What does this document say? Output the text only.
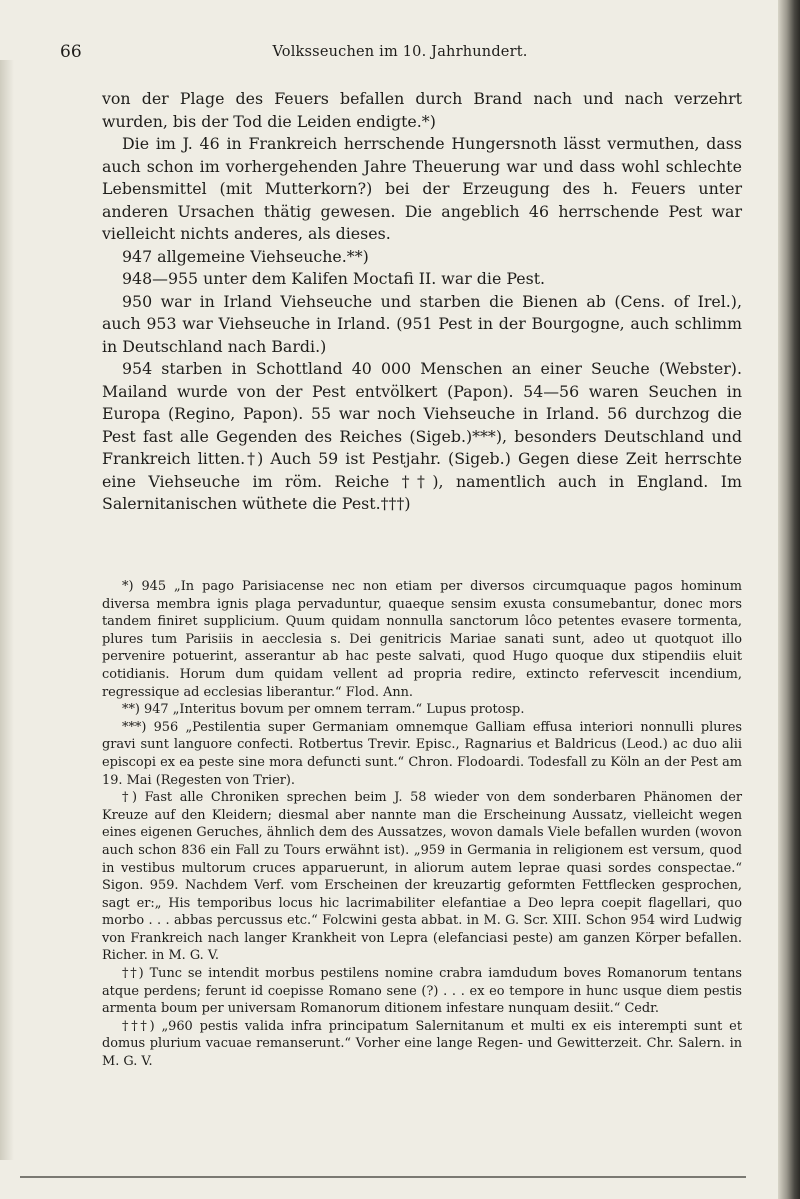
66	Volksseuchen im 10. Jahrhundert.

von der Plage des Feuers befallen durch Brand nach und nach verzehrt wurden, bis der Tod die Leiden endigte.*)

Die im J. 46 in Frankreich herrschende Hungersnoth lässt vermuthen, dass auch schon im vorhergehenden Jahre Theuerung war und dass wohl schlechte Lebensmittel (mit Mutterkorn?) bei der Erzeugung des h. Feuers unter anderen Ursachen thätig gewesen. Die angeblich 46 herrschende Pest war vielleicht nichts anderes, als dieses.

947 allgemeine Viehseuche.**)

948—955 unter dem Kalifen Moctafi II. war die Pest.

950 war in Irland Viehseuche und starben die Bienen ab (Cens. of Irel.), auch 953 war Viehseuche in Irland. (951 Pest in der Bourgogne, auch schlimm in Deutschland nach Bardi.)

954 starben in Schottland 40 000 Menschen an einer Seuche (Webster). Mailand wurde von der Pest entvölkert (Papon). 54—56 waren Seuchen in Europa (Regino, Papon). 55 war noch Viehseuche in Irland. 56 durchzog die Pest fast alle Gegenden des Reiches (Sigeb.)***), besonders Deutschland und Frankreich litten.†) Auch 59 ist Pestjahr. (Sigeb.) Gegen diese Zeit herrschte eine Viehseuche im röm. Reiche ††), namentlich auch in England. Im Salernitanischen wüthete die Pest.†††)

*) 945 „In pago Parisiacense nec non etiam per diversos circumquaque pagos hominum diversa membra ignis plaga pervaduntur, quaeque sensim exusta consumebantur, donec mors tandem finiret supplicium. Quum quidam nonnulla sanctorum lôco petentes evasere tormenta, plures tum Parisiis in aecclesia s. Dei genitricis Mariae sanati sunt, adeo ut quotquot illo pervenire potuerint, asserantur ab hac peste salvati, quod Hugo quoque dux stipendiis eluit cotidianis. Horum dum quidam vellent ad propria redire, extincto refervescit incendium, regressique ad ecclesias liberantur.“ Flod. Ann.

**) 947 „Interitus bovum per omnem terram.“ Lupus protosp.

***) 956 „Pestilentia super Germaniam omnemque Galliam effusa interiori nonnulli plures gravi sunt languore confecti. Rotbertus Trevir. Episc., Ragnarius et Baldricus (Leod.) ac duo alii episcopi ex ea peste sine mora defuncti sunt.“ Chron. Flodoardi. Todesfall zu Köln an der Pest am 19. Mai (Regesten von Trier).

†) Fast alle Chroniken sprechen beim J. 58 wieder von dem sonderbaren Phänomen der Kreuze auf den Kleidern; diesmal aber nannte man die Erscheinung Aussatz, vielleicht wegen eines eigenen Geruches, ähnlich dem des Aussatzes, wovon damals Viele befallen wurden (wovon auch schon 836 ein Fall zu Tours erwähnt ist). „959 in Germania in religionem est versum, quod in vestibus multorum cruces apparuerunt, in aliorum autem leprae quasi sordes conspectae.“ Sigon. 959. Nachdem Verf. vom Erscheinen der kreuzartig geformten Fettflecken gesprochen, sagt er:„ His temporibus locus hic lacrimabiliter elefantiae a Deo lepra coepit flagellari, quo morbo . . . abbas percussus etc.“ Folcwini gesta abbat. in M. G. Scr. XIII. Schon 954 wird Ludwig von Frankreich nach langer Krankheit von Lepra (elefanciasi peste) am ganzen Körper befallen. Richer. in M. G. V.

††) Tunc se intendit morbus pestilens nomine crabra iamdudum boves Romanorum tentans atque perdens; ferunt id coepisse Romano sene (?) . . . ex eo tempore in hunc usque diem pestis armenta boum per universam Romanorum ditionem infestare nunquam desiit.“ Cedr.

†††) „960 pestis valida infra principatum Salernitanum et multi ex eis interempti sunt et domus plurium vacuae remanserunt.“ Vorher eine lange Regen- und Gewitterzeit. Chr. Salern. in M. G. V.
